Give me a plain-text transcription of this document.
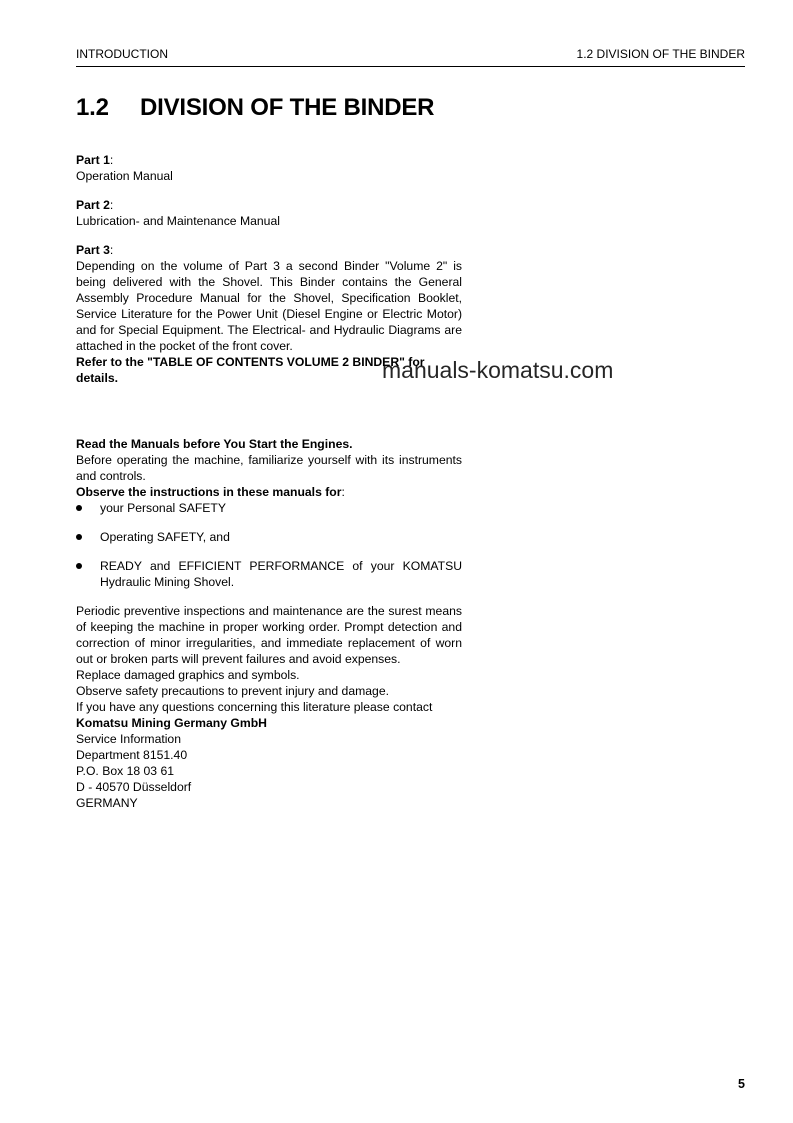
INTRODUCTION	1.2 DIVISION OF THE BINDER
1.2 DIVISION OF THE BINDER

Part 1:

Operation Manual

Part 2:

Lubrication- and Maintenance Manual

Part 3:

Depending on the volume of Part 3 a second Binder "Volume 2" is being delivered with the Shovel. This Binder contains the General Assembly Procedure Manual for the Shovel, Specification Booklet, Service Literature for the Power Unit (Diesel Engine or Electric Motor) and for Special Equipment. The Electrical- and Hydraulic Diagrams are attached in the pocket of the front cover.

Refer to the "TABLE OF CONTENTS VOLUME 2 BINDER" for details.

Read the Manuals before You Start the Engines.

Before operating the machine, familiarize yourself with its instruments and controls.

Observe the instructions in these manuals for:

your Personal SAFETY
Operating SAFETY, and
READY and EFFICIENT PERFORMANCE of your KOMATSU Hydraulic Mining Shovel.

Periodic preventive inspections and maintenance are the surest means of keeping the machine in proper working order. Prompt detection and correction of minor irregularities, and immediate replacement of worn out or broken parts will prevent failures and avoid expenses.

Replace damaged graphics and symbols.

Observe safety precautions to prevent injury and damage.

If you have any questions concerning this literature please contact

Komatsu Mining Germany GmbH

Service Information

Department 8151.40

P.O. Box 18 03 61

D - 40570 Düsseldorf

GERMANY

manuals-komatsu.com
5
